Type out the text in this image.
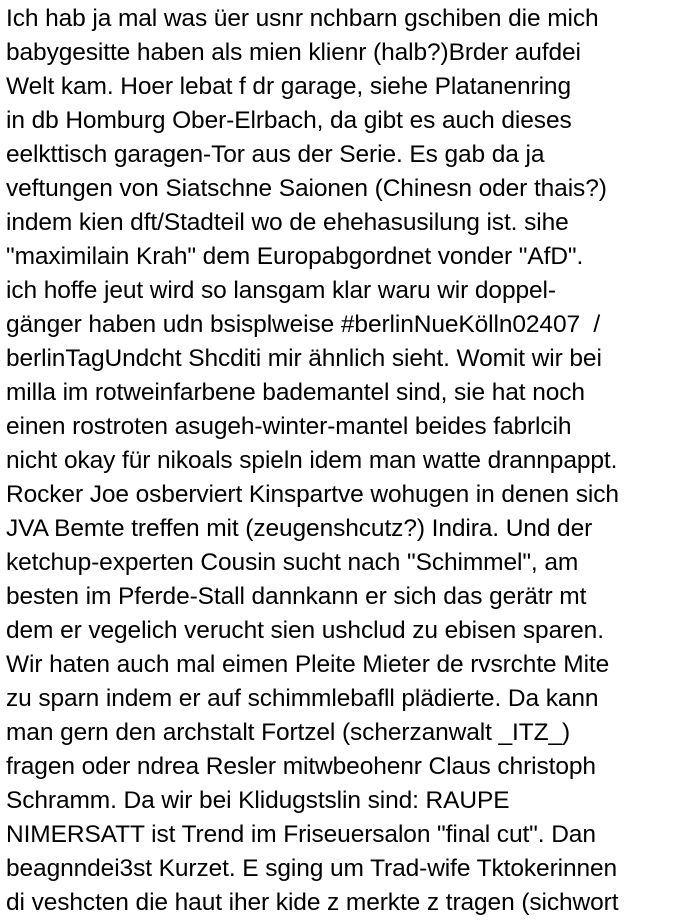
Ich hab ja mal was üer usnr nchbarn gschiben die mich
babygesitte haben als mien klienr (halb?)Brder aufdei
Welt kam. Hoer lebat f dr garage, siehe Platanenring
in db Homburg Ober-Elrbach, da gibt es auch dieses
eelkttisch garagen-Tor aus der Serie. Es gab da ja
veftungen von Siatschne Saionen (Chinesn oder thais?)
indem kien dft/Stadteil wo de ehehasusilung ist. sihe
"maximilain Krah" dem Europabgordnet vonder "AfD".
ich hoffe jeut wird so lansgam klar waru wir doppel-
gänger haben udn bsisplweise #berlinNueKölln02407  /
berlinTagUndcht Shcditi mir ähnlich sieht. Womit wir bei
milla im rotweinfarbene bademantel sind, sie hat noch
einen rostroten asugeh-winter-mantel beides fabrlcih
nicht okay für nikoals spieln idem man watte drannpappt.
Rocker Joe osberviert Kinspartve wohugen in denen sich
JVA Bemte treffen mit (zeugenshcutz?) Indira. Und der
ketchup-experten Cousin sucht nach "Schimmel", am
besten im Pferde-Stall dannkann er sich das gerätr mt
dem er vegelich verucht sien ushclud zu ebisen sparen.
Wir haten auch mal eimen Pleite Mieter de rvsrchte Mite
zu sparn indem er auf schimmlebafll plädierte. Da kann
man gern den archstalt Fortzel (scherzanwalt _ITZ_)
fragen oder ndrea Resler mitwbeohenr Claus christoph
Schramm. Da wir bei Klidugstslin sind: RAUPE
NIMERSATT ist Trend im Friseuersalon "final cut". Dan
beagnndei3st Kurzet. E sging um Trad-wife Tktokerinnen
di veshcten die haut iher kide z merkte z tragen (sichwort
